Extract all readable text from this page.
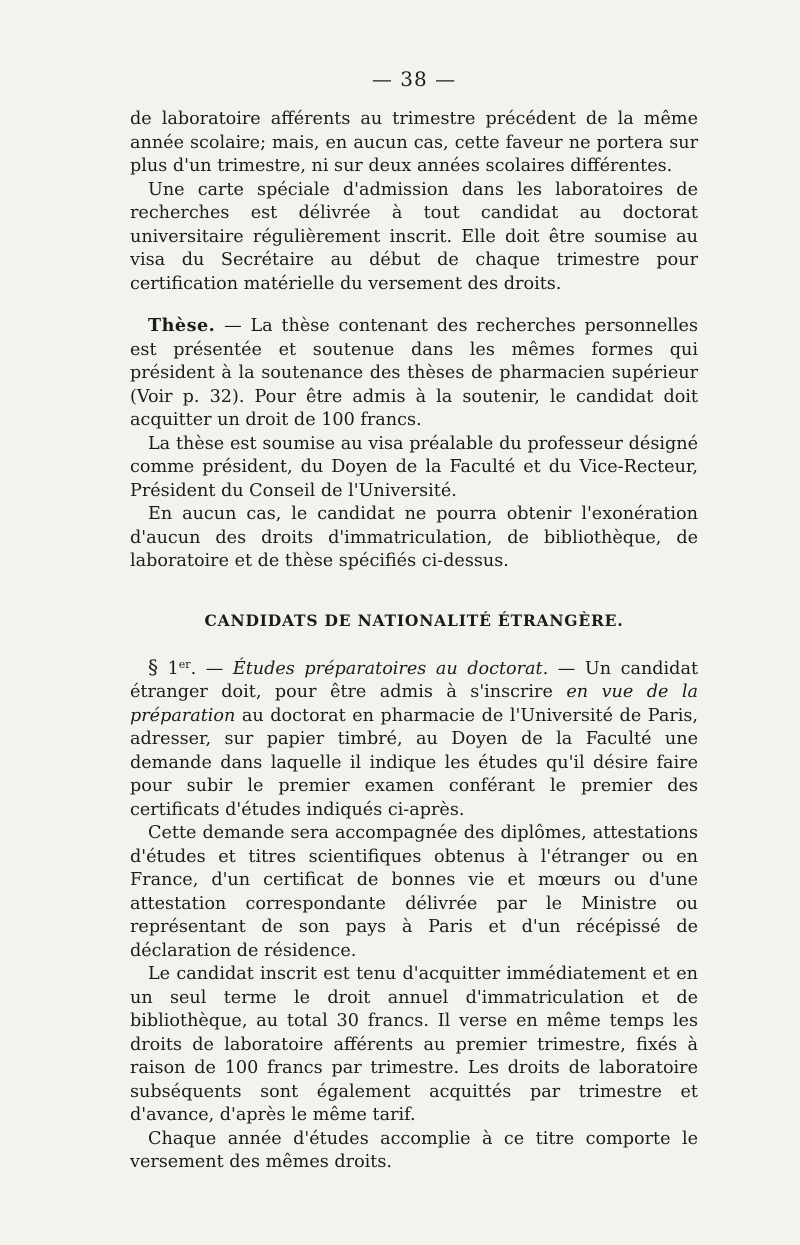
— 38 —

de laboratoire afférents au trimestre précédent de la même année scolaire; mais, en aucun cas, cette faveur ne portera sur plus d'un trimestre, ni sur deux années scolaires différentes.

Une carte spéciale d'admission dans les laboratoires de recherches est délivrée à tout candidat au doctorat universitaire régulièrement inscrit. Elle doit être soumise au visa du Secrétaire au début de chaque trimestre pour certification matérielle du versement des droits.

Thèse. — La thèse contenant des recherches personnelles est présentée et soutenue dans les mêmes formes qui président à la soutenance des thèses de pharmacien supérieur (Voir p. 32). Pour être admis à la soutenir, le candidat doit acquitter un droit de 100 francs.

La thèse est soumise au visa préalable du professeur désigné comme président, du Doyen de la Faculté et du Vice-Recteur, Président du Conseil de l'Université.

En aucun cas, le candidat ne pourra obtenir l'exonération d'aucun des droits d'immatriculation, de bibliothèque, de laboratoire et de thèse spécifiés ci-dessus.

CANDIDATS DE NATIONALITÉ ÉTRANGÈRE.

§ 1er. — Études préparatoires au doctorat. — Un candidat étranger doit, pour être admis à s'inscrire en vue de la préparation au doctorat en pharmacie de l'Université de Paris, adresser, sur papier timbré, au Doyen de la Faculté une demande dans laquelle il indique les études qu'il désire faire pour subir le premier examen conférant le premier des certificats d'études indiqués ci-après.

Cette demande sera accompagnée des diplômes, attestations d'études et titres scientifiques obtenus à l'étranger ou en France, d'un certificat de bonnes vie et mœurs ou d'une attestation correspondante délivrée par le Ministre ou représentant de son pays à Paris et d'un récépissé de déclaration de résidence.

Le candidat inscrit est tenu d'acquitter immédiatement et en un seul terme le droit annuel d'immatriculation et de bibliothèque, au total 30 francs. Il verse en même temps les droits de laboratoire afférents au premier trimestre, fixés à raison de 100 francs par trimestre. Les droits de laboratoire subséquents sont également acquittés par trimestre et d'avance, d'après le même tarif.

Chaque année d'études accomplie à ce titre comporte le versement des mêmes droits.
